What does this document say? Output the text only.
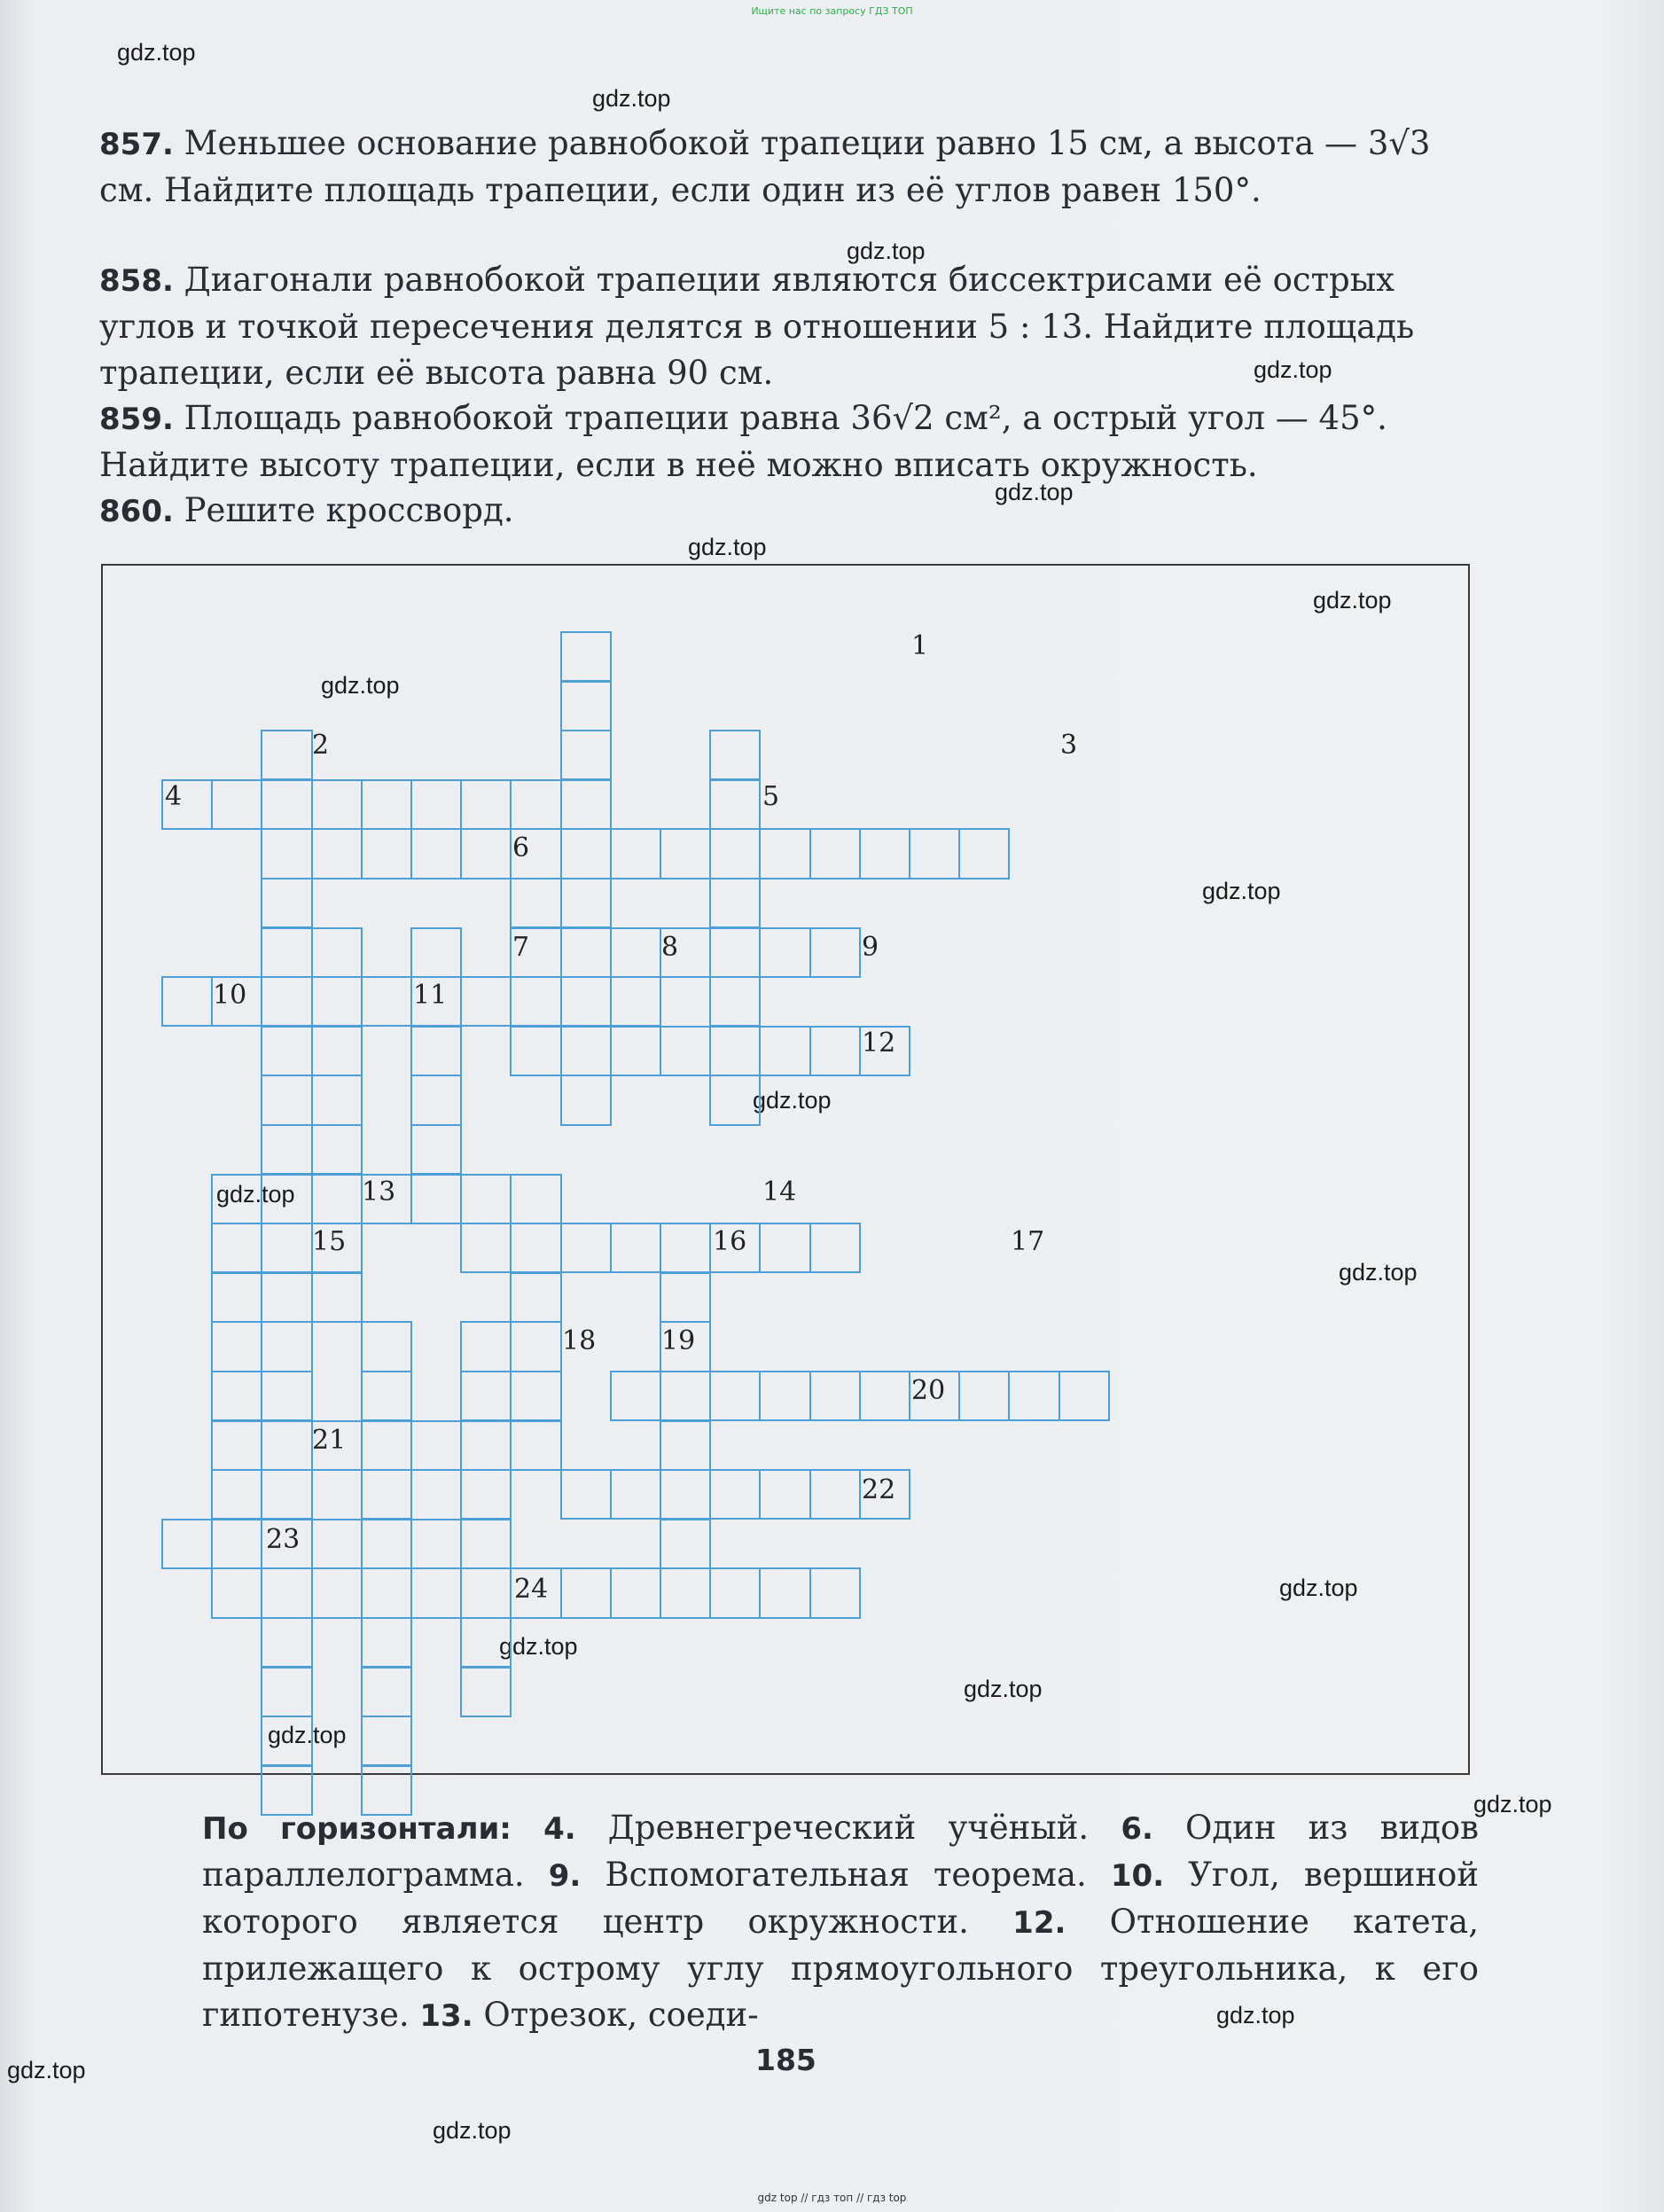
Ищите нас по запросу ГДЗ ТОП
gdz.top
gdz.top
gdz.top
gdz.top
gdz.top
gdz.top
gdz.top
gdz.top
gdz.top
gdz.top
gdz.top
gdz.top
gdz.top
gdz.top
gdz.top
gdz.top
gdz.top
gdz.top
gdz.top
gdz.top
857. Меньшее основание равнобокой трапеции равно 15 см, а высота — 3√3 см. Найдите площадь трапеции, если один из её углов равен 150°.
858. Диагонали равнобокой трапеции являются биссектрисами её острых углов и точкой пересечения делятся в отношении 5 : 13. Найдите площадь трапеции, если её высота равна 90 см.
859. Площадь равнобокой трапеции равна 36√2 см², а острый угол — 45°. Найдите высоту трапеции, если в неё можно вписать окружность.
860. Решите кроссворд.
1
2	3
4	5
6
7	8	9
10	11
12
13	14
15	16	17
18 19
20
21
22
23
24
По горизонтали: 4. Древнегреческий учёный. 6. Один из видов параллелограмма. 9. Вспомогательная теорема. 10. Угол, вершиной которого является центр окружности. 12. Отношение катета, прилежащего к острому углу прямоугольного треугольника, к его гипотенузе. 13. Отрезок, соеди-
185
gdz top // гдз топ // гдз top
